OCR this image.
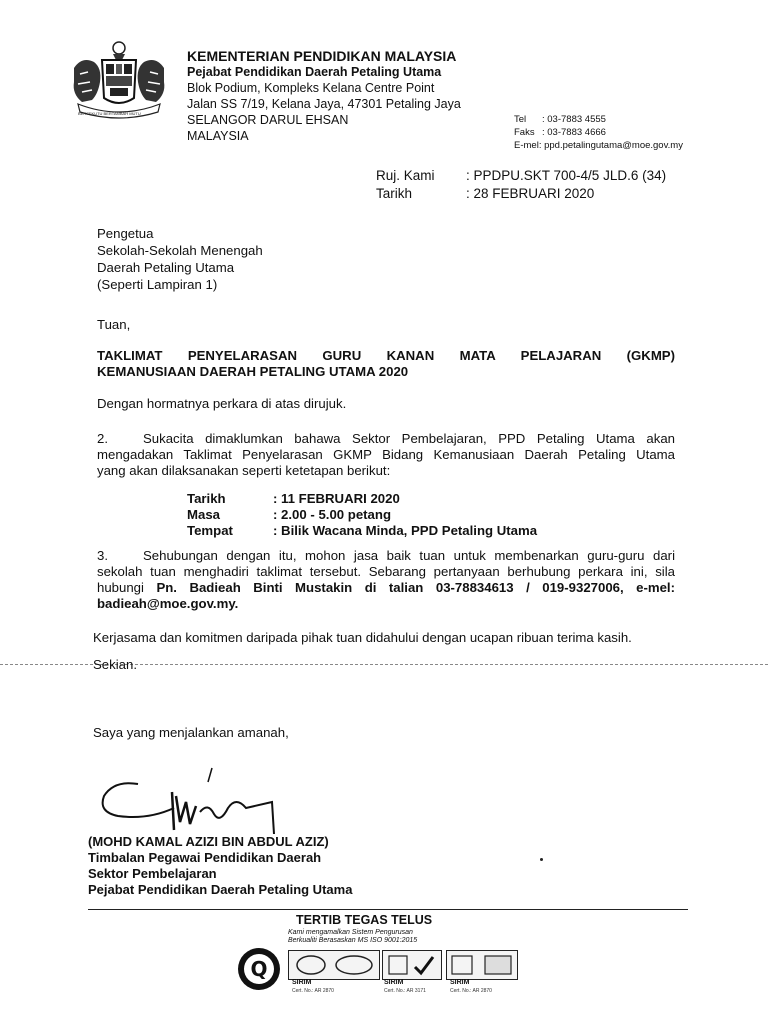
BERSEKUTU BERTAMBAH MUTU
KEMENTERIAN PENDIDIKAN MALAYSIA
Pejabat Pendidikan Daerah Petaling Utama
Blok Podium, Kompleks Kelana Centre Point
Jalan SS 7/19, Kelana Jaya, 47301 Petaling Jaya
SELANGOR DARUL EHSAN
MALAYSIA
Tel : 03-7883 4555
Faks : 03-7883 4666
E-mel: ppd.petalingutama@moe.gov.my
Ruj. Kami : PPDPU.SKT 700-4/5 JLD.6 (34)
Tarikh	: 28 FEBRUARI 2020
Pengetua
Sekolah-Sekolah Menengah
Daerah Petaling Utama
(Seperti Lampiran 1)
Tuan,
TAKLIMAT PENYELARASAN GURU KANAN MATA PELAJARAN (GKMP)
KEMANUSIAAN DAERAH PETALING UTAMA 2020
Dengan hormatnya perkara di atas dirujuk.
2.	Sukacita dimaklumkan bahawa Sektor Pembelajaran, PPD Petaling Utama akan
mengadakan Taklimat Penyelarasan GKMP Bidang Kemanusiaan Daerah Petaling Utama
yang akan dilaksanakan seperti ketetapan berikut:
Tarikh	: 11 FEBRUARI 2020
Masa	: 2.00 - 5.00 petang
Tempat	: Bilik Wacana Minda, PPD Petaling Utama
3.	Sehubungan dengan itu, mohon jasa baik tuan untuk membenarkan guru-guru dari
sekolah tuan menghadiri taklimat tersebut. Sebarang pertanyaan berhubung perkara ini, sila
hubungi Pn. Badieah Binti Mustakin di talian 03-78834613 / 019-9327006, e-mel:
badieah@moe.gov.my.
Kerjasama dan komitmen daripada pihak tuan didahului dengan ucapan ribuan terima kasih.
Sekian.
Saya yang menjalankan amanah,
(MOHD KAMAL AZIZI BIN ABDUL AZIZ)
Timbalan Pegawai Pendidikan Daerah
Sektor Pembelajaran
Pejabat Pendidikan Daerah Petaling Utama
TERTIB TEGAS TELUS
Kami mengamalkan Sistem Pengurusan
Berkualiti Berasaskan MS ISO 9001:2015
Q
SIRIM
Cert. No.: AR 2870
SIRIM
Cert. No.: AR 3171
SIRIM
Cert. No.: AR 2870
